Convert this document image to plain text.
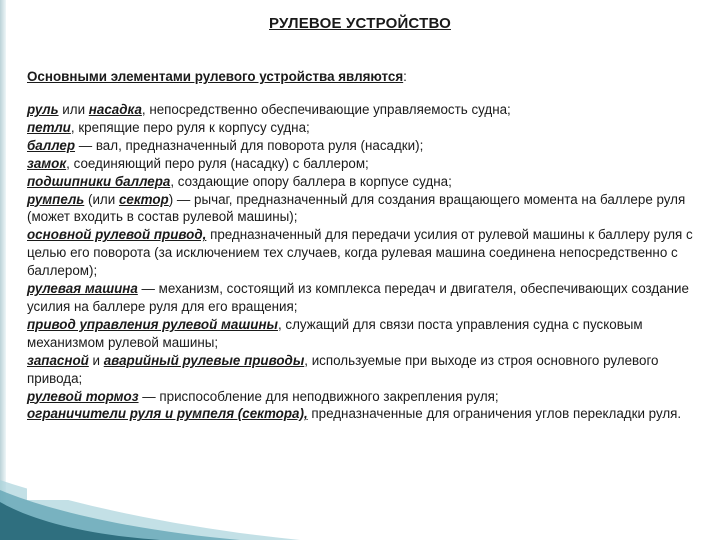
РУЛЕВОЕ УСТРОЙСТВО

Основными элементами рулевого устройства являются:

руль или насадка, непосредственно обеспечивающие управляемость судна;

петли, крепящие перо руля к корпусу судна;

баллер — вал, предназначенный для поворота руля (насадки);

замок, соединяющий перо руля (насадку) с баллером;

подшипники баллера, создающие опору баллера в корпусе судна;

румпель (или сектор) — рычаг, предназначенный для создания вращающего момента на баллере руля (может входить в состав рулевой машины);

основной рулевой привод, предназначенный для передачи усилия от рулевой машины к баллеру руля с целью его поворота (за исключением тех случаев, когда рулевая машина соединена непосредственно с баллером);

рулевая машина — механизм, состоящий из комплекса передач и двигателя, обеспечивающих создание усилия на баллере руля для его вращения;

привод управления рулевой машины, служащий для связи поста управления судна с пусковым механизмом рулевой машины;

запасной и аварийный рулевые приводы, используемые при выходе из строя основного рулевого привода;

рулевой тормоз — приспособление для неподвижного закрепления руля;

ограничители руля и румпеля (сектора), предназначенные для ограничения углов перекладки руля.
